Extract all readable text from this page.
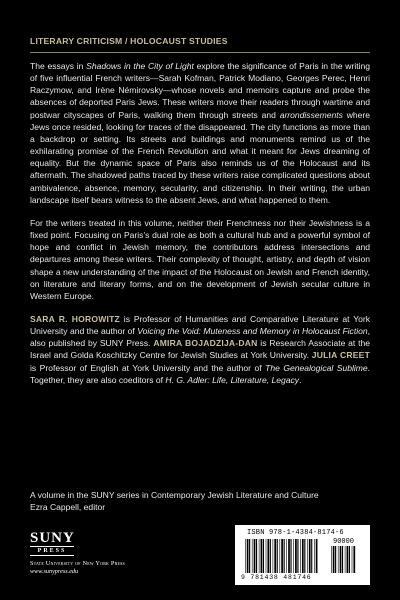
LITERARY CRITICISM / HOLOCAUST STUDIES

The essays in Shadows in the City of Light explore the significance of Paris in the writing of five influential French writers—Sarah Kofman, Patrick Modiano, Georges Perec, Henri Raczymow, and Irène Némirovsky—whose novels and memoirs capture and probe the absences of deported Paris Jews. These writers move their readers through wartime and postwar cityscapes of Paris, walking them through streets and arrondissements where Jews once resided, looking for traces of the disappeared. The city functions as more than a backdrop or setting. Its streets and buildings and monuments remind us of the exhilarating promise of the French Revolution and what it meant for Jews dreaming of equality. But the dynamic space of Paris also reminds us of the Holocaust and its aftermath. The shadowed paths traced by these writers raise complicated questions about ambivalence, absence, memory, secularity, and citizenship. In their writing, the urban landscape itself bears witness to the absent Jews, and what happened to them.

For the writers treated in this volume, neither their Frenchness nor their Jewishness is a fixed point. Focusing on Paris’s dual role as both a cultural hub and a powerful symbol of hope and conflict in Jewish memory, the contributors address intersections and departures among these writers. Their complexity of thought, artistry, and depth of vision shape a new understanding of the impact of the Holocaust on Jewish and French identity, on literature and literary forms, and on the development of Jewish secular culture in Western Europe.

SARA R. HOROWITZ is Professor of Humanities and Comparative Literature at York University and the author of Voicing the Void: Muteness and Memory in Holocaust Fiction, also published by SUNY Press. AMIRA BOJADZIJA-DAN is Research Associate at the Israel and Golda Koschitzky Centre for Jewish Studies at York University. JULIA CREET is Professor of English at York University and the author of The Genealogical Sublime. Together, they are also coeditors of H. G. Adler: Life, Literature, Legacy.

A volume in the SUNY series in Contemporary Jewish Literature and Culture
Ezra Cappell, editor
SUNY
PRESS
State University of New York Press
www.sunypress.edu
ISBN 978-1-4384-8174-6
90000
9 781438 481746
